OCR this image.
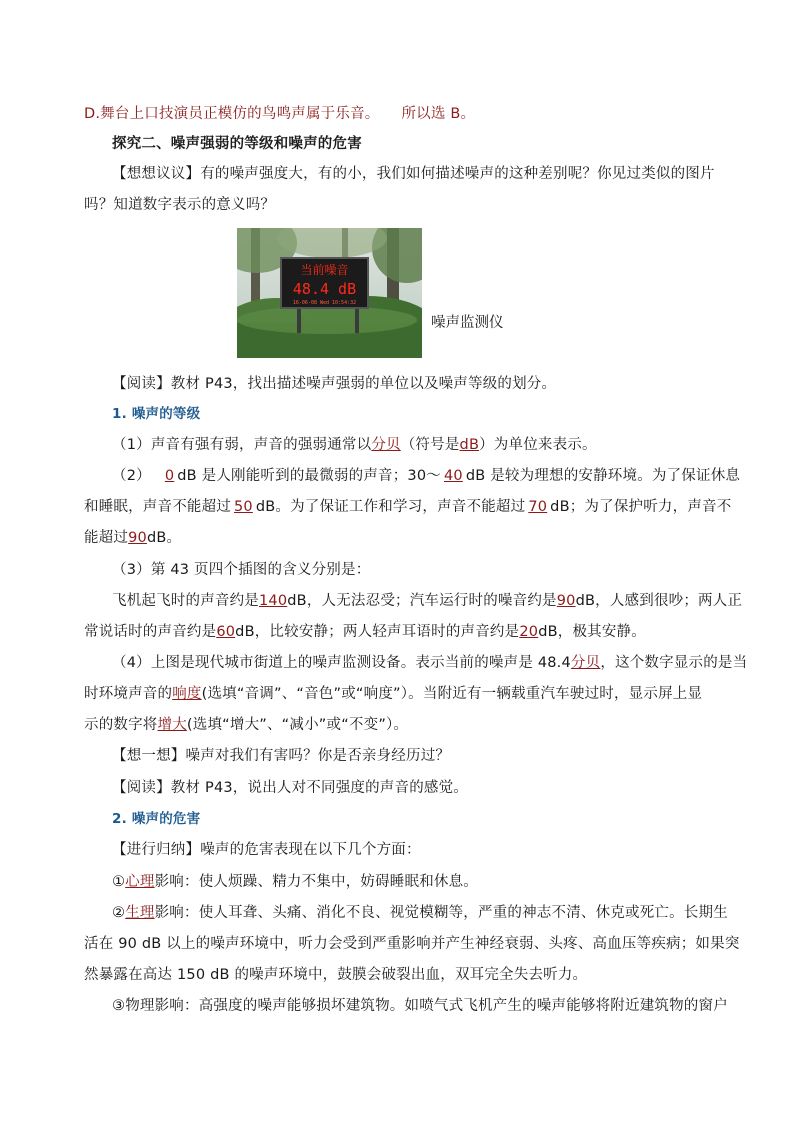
D.舞台上口技演员正模仿的鸟鸣声属于乐音。 所以选 B。
探究二、噪声强弱的等级和噪声的危害
【想想议议】有的噪声强度大，有的小，我们如何描述噪声的这种差别呢？你见过类似的图片
吗？知道数字表示的意义吗？
当前噪音
48.4 dB
16-06-08 Wed 10:54:32
噪声监测仪
【阅读】教材 P43，找出描述噪声强弱的单位以及噪声等级的划分。
1. 噪声的等级
（1）声音有强有弱，声音的强弱通常以分贝（符号是dB）为单位来表示。
（2） 0 dB 是人刚能听到的最微弱的声音；30～ 40 dB 是较为理想的安静环境。为了保证休息
和睡眠，声音不能超过 50 dB。为了保证工作和学习，声音不能超过 70 dB；为了保护听力，声音不
能超过90dB。
（3）第 43 页四个插图的含义分别是：
飞机起飞时的声音约是140dB，人无法忍受；汽车运行时的噪音约是90dB，人感到很吵；两人正
常说话时的声音约是60dB，比较安静；两人轻声耳语时的声音约是20dB，极其安静。
（4）上图是现代城市街道上的噪声监测设备。表示当前的噪声是 48.4分贝，这个数字显示的是当
时环境声音的响度(选填“音调”、“音色”或“响度”）。当附近有一辆载重汽车驶过时，显示屏上显
示的数字将增大(选填“增大”、“减小”或“不变”）。
【想一想】噪声对我们有害吗？你是否亲身经历过？
【阅读】教材 P43，说出人对不同强度的声音的感觉。
2. 噪声的危害
【进行归纳】噪声的危害表现在以下几个方面：
①心理影响：使人烦躁、精力不集中，妨碍睡眠和休息。
②生理影响：使人耳聋、头痛、消化不良、视觉模糊等，严重的神志不清、休克或死亡。长期生
活在 90 dB 以上的噪声环境中，听力会受到严重影响并产生神经衰弱、头疼、高血压等疾病；如果突
然暴露在高达 150 dB 的噪声环境中，鼓膜会破裂出血，双耳完全失去听力。
③物理影响：高强度的噪声能够损坏建筑物。如喷气式飞机产生的噪声能够将附近建筑物的窗户
